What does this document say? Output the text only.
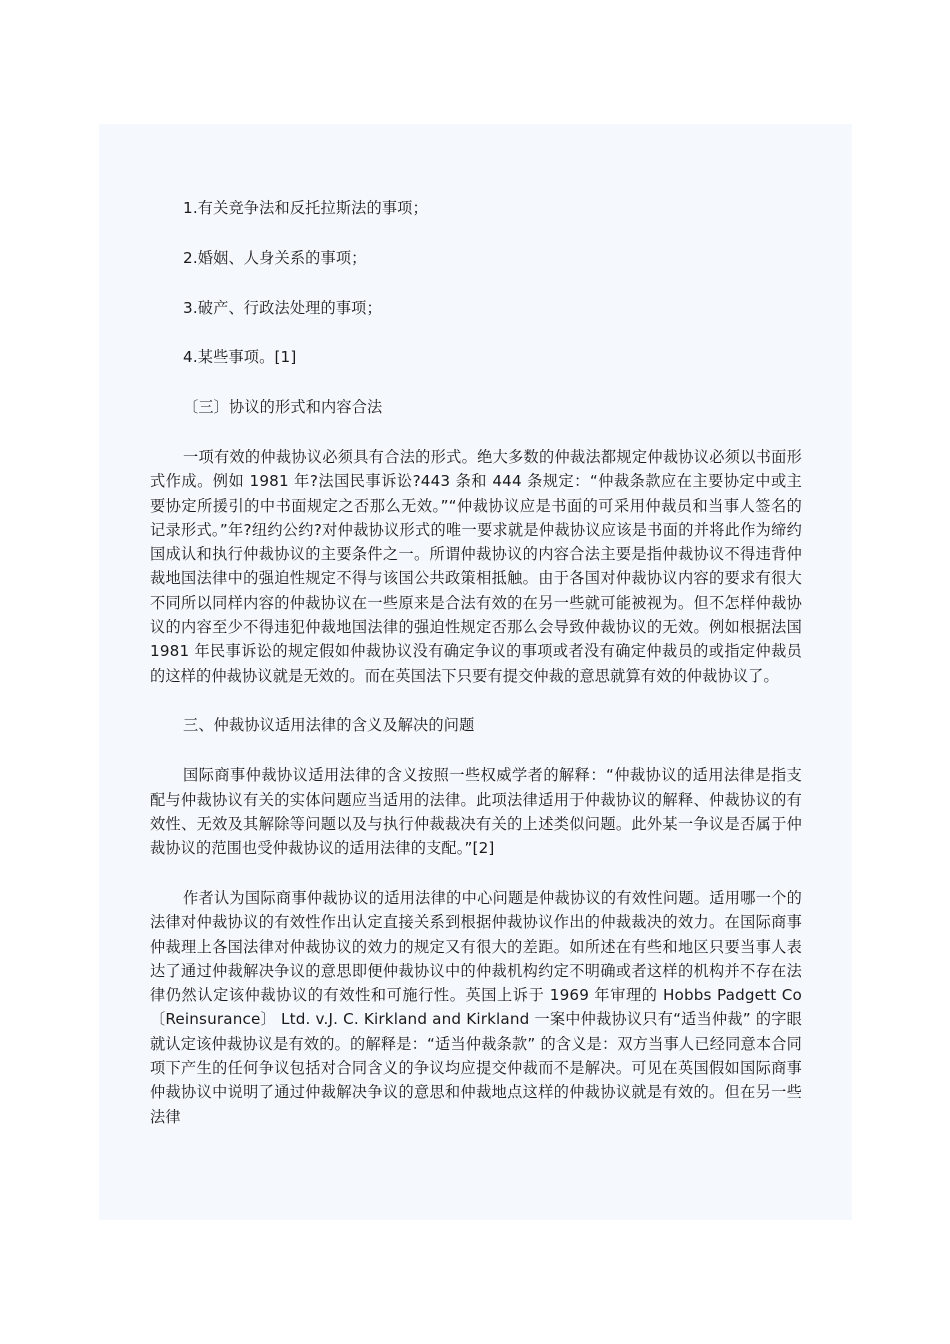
1.有关竞争法和反托拉斯法的事项；

2.婚姻、人身关系的事项；

3.破产、行政法处理的事项；

4.某些事项。[1]

〔三〕协议的形式和内容合法

一项有效的仲裁协议必须具有合法的形式。绝大多数的仲裁法都规定仲裁协议必须以书面形式作成。例如 1981 年?法国民事诉讼?443 条和 444 条规定：“仲裁条款应在主要协定中或主要协定所援引的中书面规定之否那么无效。”“仲裁协议应是书面的可采用仲裁员和当事人签名的记录形式。”年?纽约公约?对仲裁协议形式的唯一要求就是仲裁协议应该是书面的并将此作为缔约国成认和执行仲裁协议的主要条件之一。所谓仲裁协议的内容合法主要是指仲裁协议不得违背仲裁地国法律中的强迫性规定不得与该国公共政策相抵触。由于各国对仲裁协议内容的要求有很大不同所以同样内容的仲裁协议在一些原来是合法有效的在另一些就可能被视为。但不怎样仲裁协议的内容至少不得违犯仲裁地国法律的强迫性规定否那么会导致仲裁协议的无效。例如根据法国 1981 年民事诉讼的规定假如仲裁协议没有确定争议的事项或者没有确定仲裁员的或指定仲裁员的这样的仲裁协议就是无效的。而在英国法下只要有提交仲裁的意思就算有效的仲裁协议了。

三、仲裁协议适用法律的含义及解决的问题

国际商事仲裁协议适用法律的含义按照一些权威学者的解释：“仲裁协议的适用法律是指支配与仲裁协议有关的实体问题应当适用的法律。此项法律适用于仲裁协议的解释、仲裁协议的有效性、无效及其解除等问题以及与执行仲裁裁决有关的上述类似问题。此外某一争议是否属于仲裁协议的范围也受仲裁协议的适用法律的支配。”[2]

作者认为国际商事仲裁协议的适用法律的中心问题是仲裁协议的有效性问题。适用哪一个的法律对仲裁协议的有效性作出认定直接关系到根据仲裁协议作出的仲裁裁决的效力。在国际商事仲裁理上各国法律对仲裁协议的效力的规定又有很大的差距。如所述在有些和地区只要当事人表达了通过仲裁解决争议的意思即便仲裁协议中的仲裁机构约定不明确或者这样的机构并不存在法律仍然认定该仲裁协议的有效性和可施行性。英国上诉于 1969 年审理的 Hobbs Padgett Co 〔Reinsurance〕 Ltd. v.J. C. Kirkland and Kirkland 一案中仲裁协议只有“适当仲裁” 的字眼就认定该仲裁协议是有效的。的解释是：“适当仲裁条款” 的含义是：双方当事人已经同意本合同项下产生的任何争议包括对合同含义的争议均应提交仲裁而不是解决。可见在英国假如国际商事仲裁协议中说明了通过仲裁解决争议的意思和仲裁地点这样的仲裁协议就是有效的。但在另一些法律
